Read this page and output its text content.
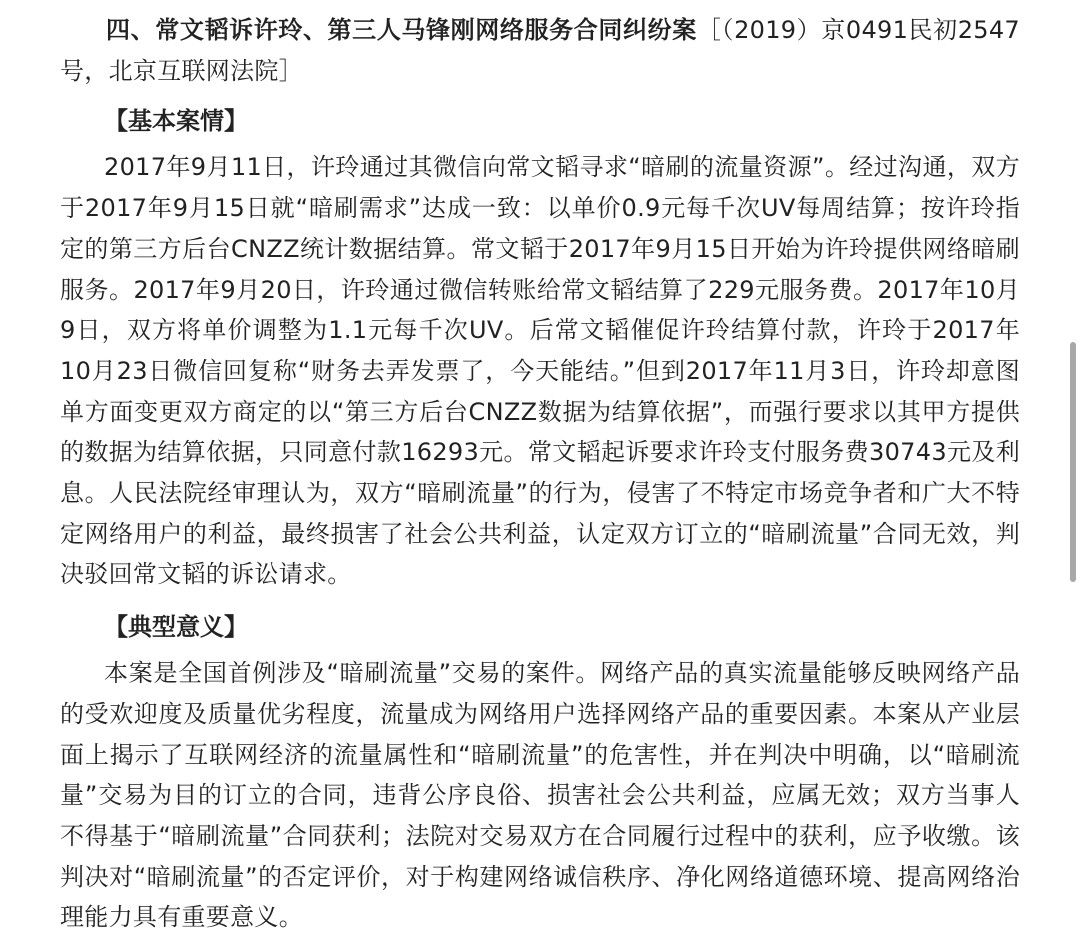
四、常文韬诉许玲、第三人马锋刚网络服务合同纠纷案［（2019）京0491民初2547号，北京互联网法院］

【基本案情】

2017年9月11日，许玲通过其微信向常文韬寻求“暗刷的流量资源”。经过沟通，双方于2017年9月15日就“暗刷需求”达成一致：以单价0.9元每千次UV每周结算；按许玲指定的第三方后台CNZZ统计数据结算。常文韬于2017年9月15日开始为许玲提供网络暗刷服务。2017年9月20日，许玲通过微信转账给常文韬结算了229元服务费。2017年10月9日，双方将单价调整为1.1元每千次UV。后常文韬催促许玲结算付款，许玲于2017年10月23日微信回复称“财务去弄发票了，今天能结。”但到2017年11月3日，许玲却意图单方面变更双方商定的以“第三方后台CNZZ数据为结算依据”，而强行要求以其甲方提供的数据为结算依据，只同意付款16293元。常文韬起诉要求许玲支付服务费30743元及利息。人民法院经审理认为，双方“暗刷流量”的行为，侵害了不特定市场竞争者和广大不特定网络用户的利益，最终损害了社会公共利益，认定双方订立的“暗刷流量”合同无效，判决驳回常文韬的诉讼请求。

【典型意义】

本案是全国首例涉及“暗刷流量”交易的案件。网络产品的真实流量能够反映网络产品的受欢迎度及质量优劣程度，流量成为网络用户选择网络产品的重要因素。本案从产业层面上揭示了互联网经济的流量属性和“暗刷流量”的危害性，并在判决中明确，以“暗刷流量”交易为目的订立的合同，违背公序良俗、损害社会公共利益，应属无效；双方当事人不得基于“暗刷流量”合同获利；法院对交易双方在合同履行过程中的获利，应予收缴。该判决对“暗刷流量”的否定评价，对于构建网络诚信秩序、净化网络道德环境、提高网络治理能力具有重要意义。
